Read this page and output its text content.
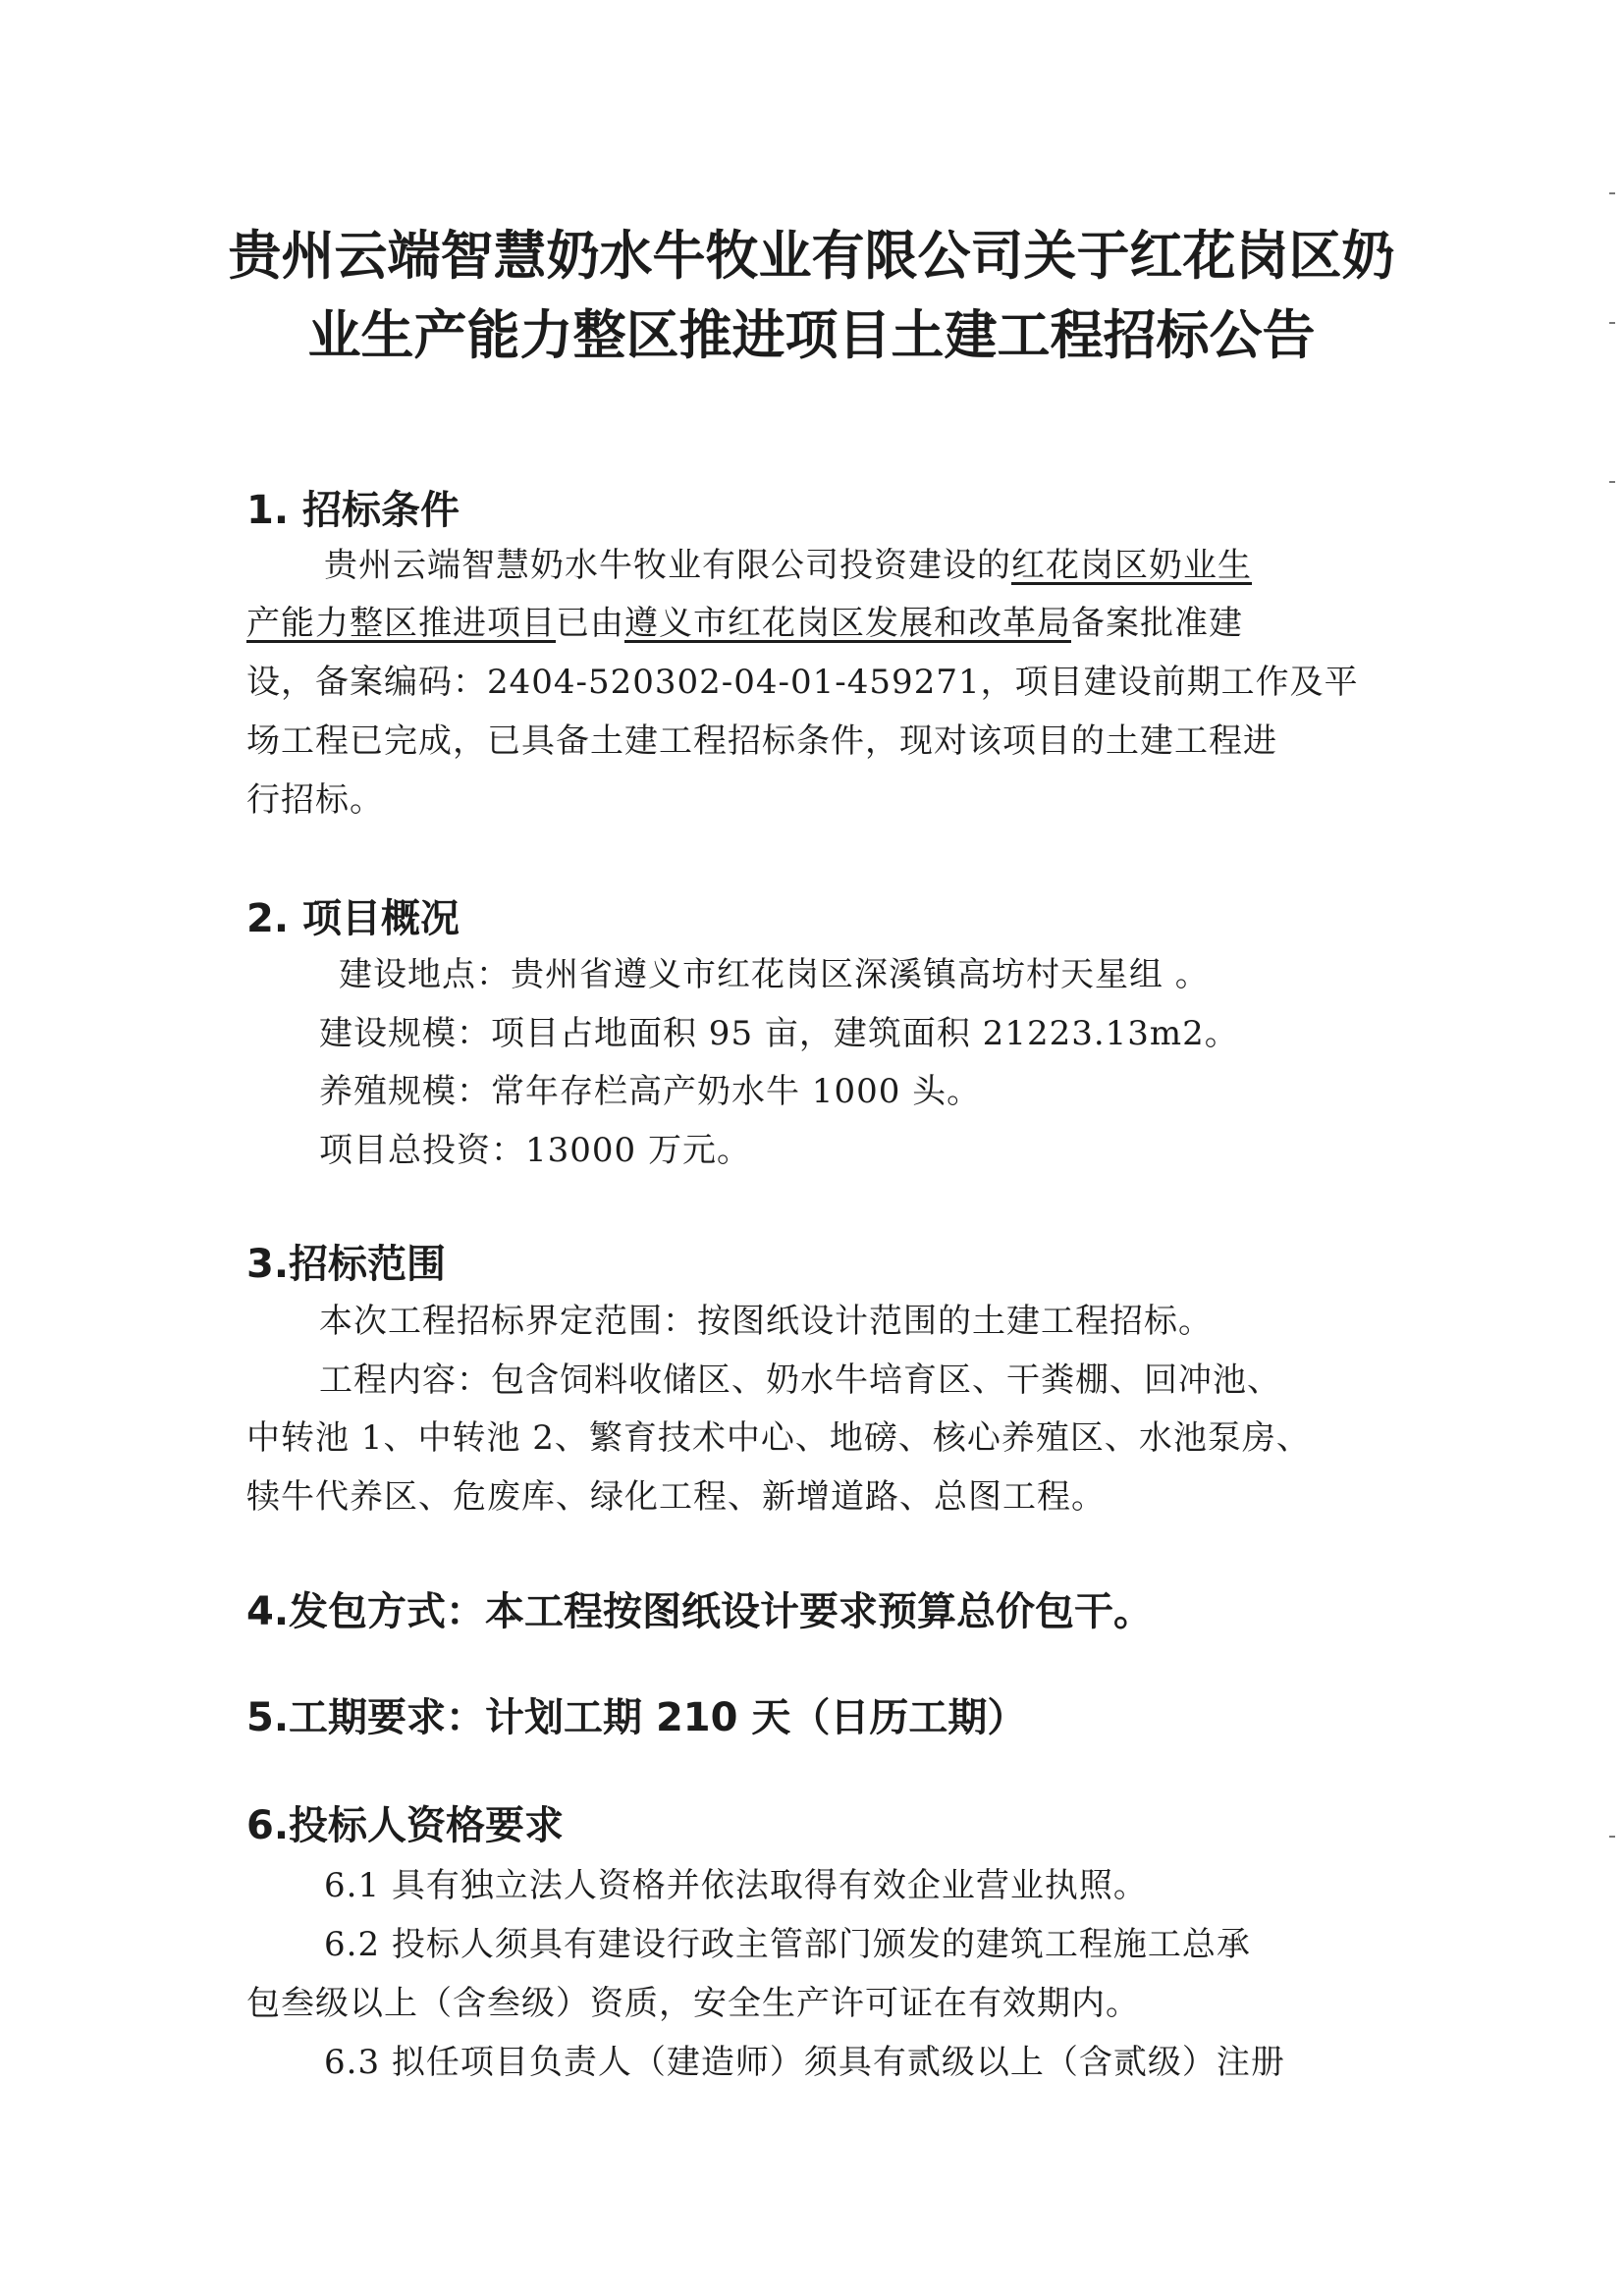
贵州云端智慧奶水牛牧业有限公司关于红花岗区奶
业生产能力整区推进项目土建工程招标公告
1. 招标条件
贵州云端智慧奶水牛牧业有限公司投资建设的红花岗区奶业生
产能力整区推进项目已由遵义市红花岗区发展和改革局备案批准建
设，备案编码：2404-520302-04-01-459271，项目建设前期工作及平
场工程已完成，已具备土建工程招标条件，现对该项目的土建工程进
行招标。
2. 项目概况
建设地点：贵州省遵义市红花岗区深溪镇高坊村天星组 。
建设规模：项目占地面积 95 亩，建筑面积 21223.13m2。
养殖规模：常年存栏高产奶水牛 1000 头。
项目总投资：13000 万元。
3.招标范围
本次工程招标界定范围：按图纸设计范围的土建工程招标。
工程内容：包含饲料收储区、奶水牛培育区、干粪棚、回冲池、
中转池 1、中转池 2、繁育技术中心、地磅、核心养殖区、水池泵房、
犊牛代养区、危废库、绿化工程、新增道路、总图工程。
4.发包方式：本工程按图纸设计要求预算总价包干。
5.工期要求：计划工期 210 天（日历工期）
6.投标人资格要求
6.1 具有独立法人资格并依法取得有效企业营业执照。
6.2 投标人须具有建设行政主管部门颁发的建筑工程施工总承
包叁级以上（含叁级）资质，安全生产许可证在有效期内。
6.3 拟任项目负责人（建造师）须具有贰级以上（含贰级）注册
